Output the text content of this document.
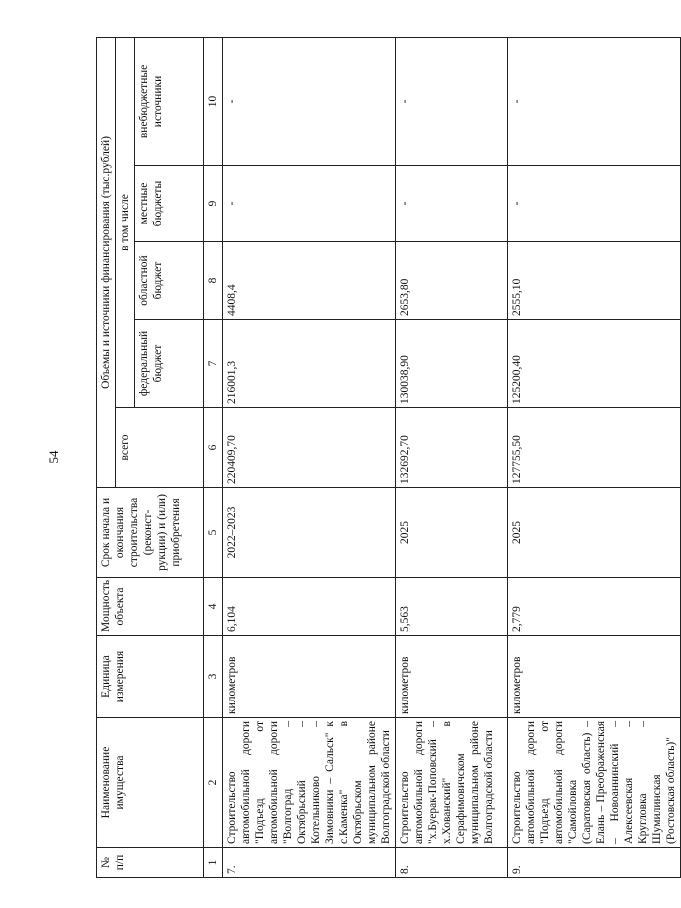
54
№ п/п	Наименование имущества	Единица измерения	Мощность объекта	Срок начала и окончания строительства (реконст-рукции) и (или) приобретения	Объемы и источники финансирования (тыс.рублей)				
					всего	в том числе			
						федеральный бюджет	областной бюджет	местные бюджеты	внебюджетные источники
1	2	3	4	5	6	7	8	9	10
7.	Строительство автомобильной дороги "Подъезд от автомобильной дороги "Волгоград – Октябрьский – Котельниково – Зимовники – Сальск" к с.Каменка" в Октябрьском муниципальном районе Волгоградской области	километров	6,104	2022–2023	220409,70	216001,3	4408,4	-	-
8.	Строительство автомобильной дороги "х.Буерак-Поповский – х.Хованский" в Серафимовичском муниципальном районе Волгоградской области	километров	5,563	2025	132692,70	130038,90	2653,80	-	-
9.	Строительство автомобильной дороги "Подъезд от автомобильной дороги "Самойловка (Саратовская область) – Елань – Преображенская – Новоаннинский – Алексеевская – Кругловка – Шумилинская (Ростовская область)"	километров	2,779	2025	127755,50	125200,40	2555,10	-	-
